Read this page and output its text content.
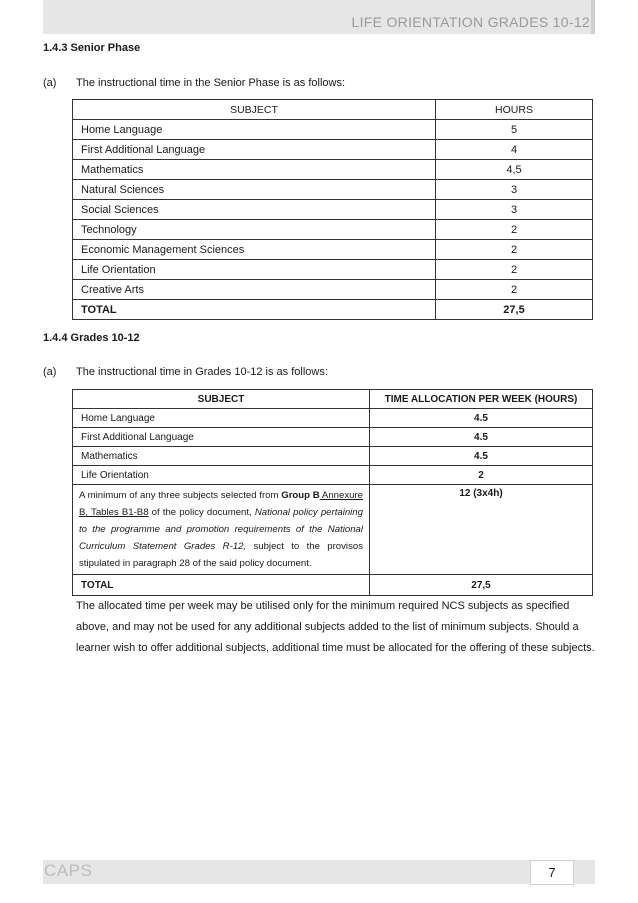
LIFE ORIENTATION GRADES 10-12
1.4.3 Senior Phase
(a) The instructional time in the Senior Phase is as follows:
SUBJECT	HOURS
Home Language	5
First Additional Language	4
Mathematics	4,5
Natural Sciences	3
Social Sciences	3
Technology	2
Economic Management Sciences	2
Life Orientation	2
Creative Arts	2
TOTAL	27,5
1.4.4 Grades 10-12
(a) The instructional time in Grades 10-12 is as follows:
SUBJECT	TIME ALLOCATION PER WEEK (HOURS)
Home Language	4.5
First Additional Language	4.5
Mathematics	4.5
Life Orientation	2
A minimum of any three subjects selected from Group B Annexure B, Tables B1-B8 of the policy document, National policy pertaining to the programme and promotion requirements of the National Curriculum Statement Grades R-12, subject to the provisos stipulated in paragraph 28 of the said policy document.	12 (3x4h)
TOTAL	27,5
The allocated time per week may be utilised only for the minimum required NCS subjects as specified above, and may not be used for any additional subjects added to the list of minimum subjects. Should a learner wish to offer additional subjects, additional time must be allocated for the offering of these subjects.
CAPS	7
